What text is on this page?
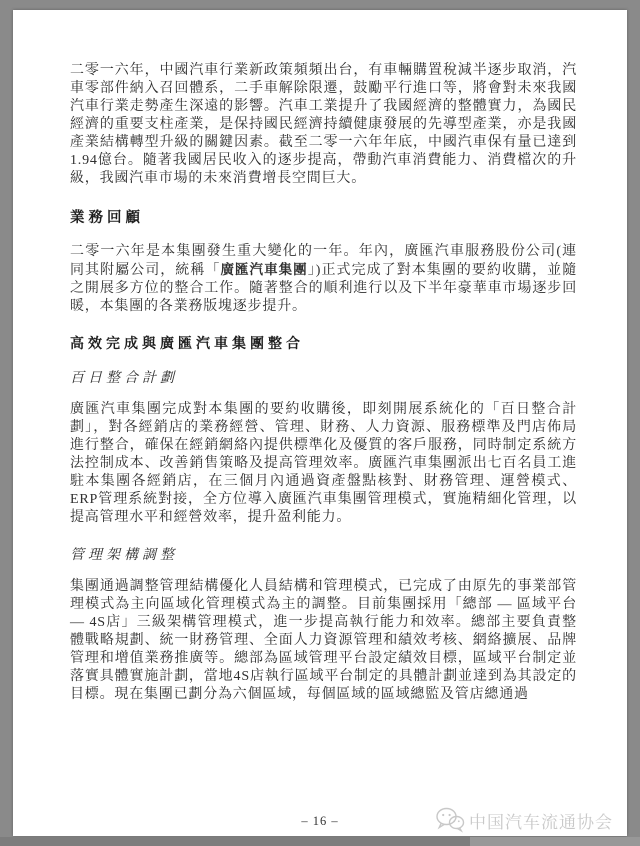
二零一六年，中國汽車行業新政策頻頻出台，有車輛購置稅減半逐步取消，汽車零部件納入召回體系，二手車解除限遷，鼓勵平行進口等，將會對未來我國汽車行業走勢產生深遠的影響。汽車工業提升了我國經濟的整體實力，為國民經濟的重要支柱產業，是保持國民經濟持續健康發展的先導型產業，亦是我國產業結構轉型升級的關鍵因素。截至二零一六年年底，中國汽車保有量已達到1.94億台。隨著我國居民收入的逐步提高，帶動汽車消費能力、消費檔次的升級，我國汽車市場的未來消費增長空間巨大。

業務回顧

二零一六年是本集團發生重大變化的一年。年內，廣匯汽車服務股份公司(連同其附屬公司，統稱「廣匯汽車集團」)正式完成了對本集團的要約收購，並隨之開展多方位的整合工作。隨著整合的順利進行以及下半年豪華車市場逐步回暖，本集團的各業務版塊逐步提升。

高效完成與廣匯汽車集團整合
百日整合計劃

廣匯汽車集團完成對本集團的要約收購後，即刻開展系統化的「百日整合計劃」，對各經銷店的業務經營、管理、財務、人力資源、服務標準及門店佈局進行整合，確保在經銷網絡內提供標準化及優質的客戶服務，同時制定系統方法控制成本、改善銷售策略及提高管理效率。廣匯汽車集團派出七百名員工進駐本集團各經銷店，在三個月內通過資產盤點核對、財務管理、運營模式、ERP管理系統對接，全方位導入廣匯汽車集團管理模式，實施精細化管理，以提高管理水平和經營效率，提升盈利能力。

管理架構調整

集團通過調整管理結構優化人員結構和管理模式，已完成了由原先的事業部管理模式為主向區域化管理模式為主的調整。目前集團採用「總部 — 區域平台 — 4S店」三級架構管理模式，進一步提高執行能力和效率。總部主要負責整體戰略規劃、統一財務管理、全面人力資源管理和績效考核、網絡擴展、品牌管理和增值業務推廣等。總部為區域管理平台設定績效目標，區域平台制定並落實具體實施計劃，當地4S店執行區域平台制定的具體計劃並達到為其設定的目標。現在集團已劃分為六個區域，每個區域的區域總監及管店總通過

– 16 –	中国汽车流通协会
